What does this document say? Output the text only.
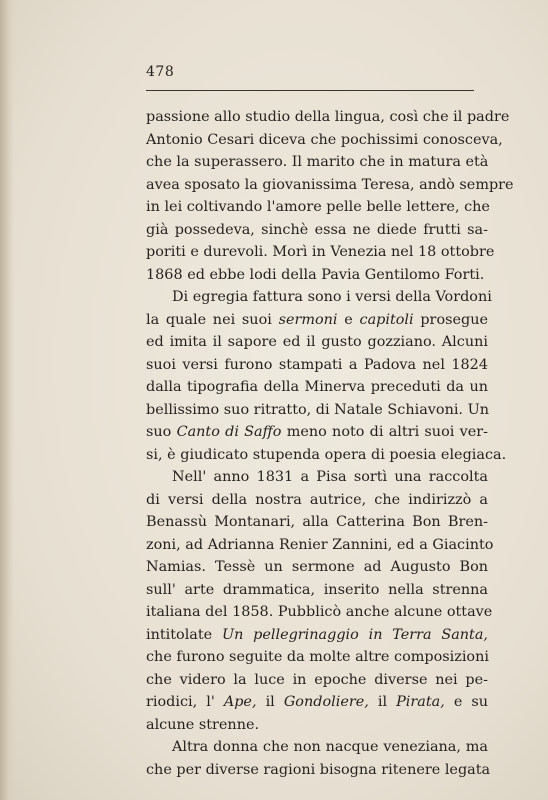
478
passione allo studio della lingua, così che il padre
Antonio Cesari diceva che pochissimi conosceva,
che la superassero. Il marito che in matura età
avea sposato la giovanissima Teresa, andò sempre
in lei coltivando l'amore pelle belle lettere, che
già possedeva, sinchè essa ne diede frutti sa-
poriti e durevoli. Morì in Venezia nel 18 ottobre
1868 ed ebbe lodi della Pavia Gentilomo Forti.
Di egregia fattura sono i versi della Vordoni
la quale nei suoi sermoni e capitoli prosegue
ed imita il sapore ed il gusto gozziano. Alcuni
suoi versi furono stampati a Padova nel 1824
dalla tipografia della Minerva preceduti da un
bellissimo suo ritratto, di Natale Schiavoni. Un
suo Canto di Saffo meno noto di altri suoi ver-
si, è giudicato stupenda opera di poesia elegiaca.
Nell' anno 1831 a Pisa sortì una raccolta
di versi della nostra autrice, che indirizzò a
Benassù Montanari, alla Catterina Bon Bren-
zoni, ad Adrianna Renier Zannini, ed a Giacinto
Namias. Tessè un sermone ad Augusto Bon
sull' arte drammatica, inserito nella strenna
italiana del 1858. Pubblicò anche alcune ottave
intitolate Un pellegrinaggio in Terra Santa,
che furono seguite da molte altre composizioni
che videro la luce in epoche diverse nei pe-
riodici, l' Ape, il Gondoliere, il Pirata, e su
alcune strenne.
Altra donna che non nacque veneziana, ma
che per diverse ragioni bisogna ritenere legata
